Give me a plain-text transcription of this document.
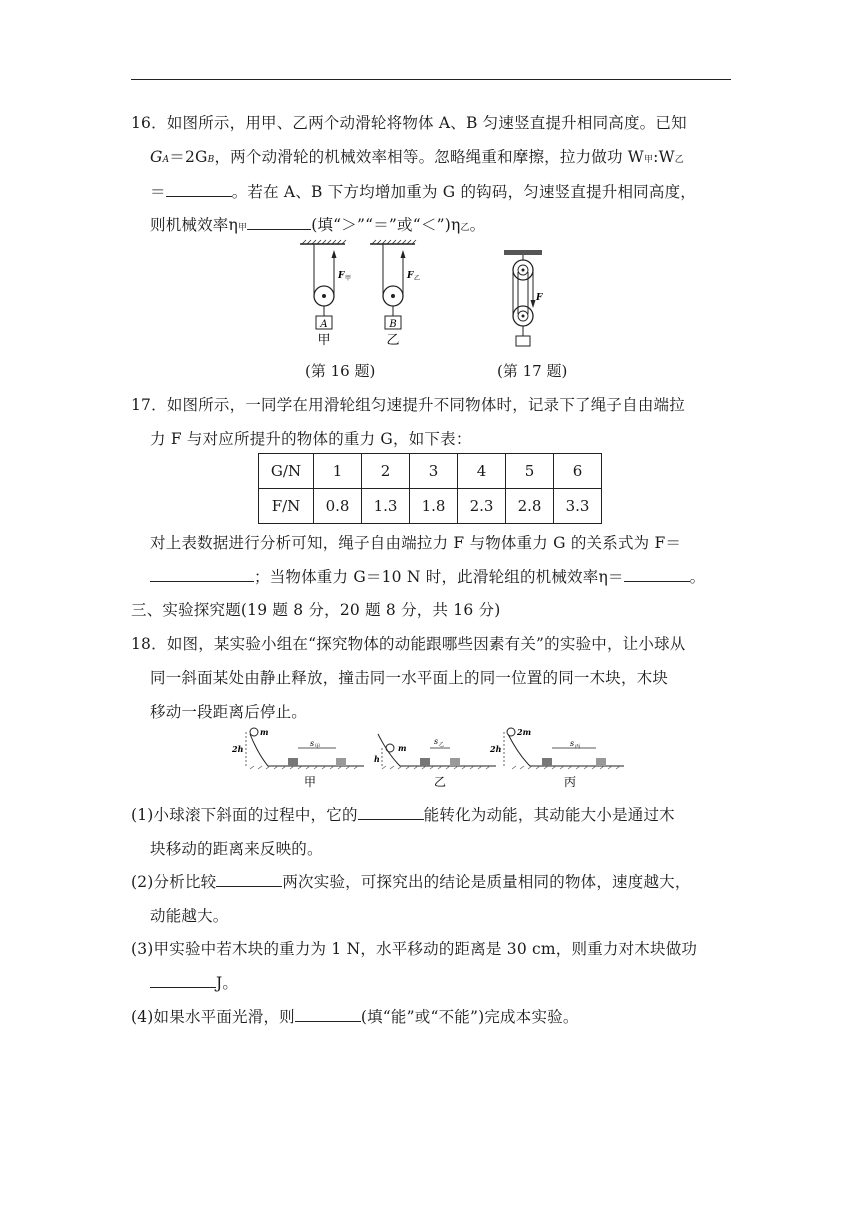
16．如图所示，用甲、乙两个动滑轮将物体 A、B 匀速竖直提升相同高度。已知
GA＝2GB，两个动滑轮的机械效率相等。忽略绳重和摩擦，拉力做功 W甲:W乙
＝	。若在 A、B 下方均增加重为 G 的钩码，匀速竖直提升相同高度，
则机械效率η甲	(填“＞”“＝”或“＜”)η乙。
A
F 甲
甲
B
F 乙
乙
(第 16 题)
F
(第 17 题)
17．如图所示，一同学在用滑轮组匀速提升不同物体时，记录下了绳子自由端拉
力 F 与对应所提升的物体的重力 G，如下表：
G/N	1	2	3	4	5	6
F/N	0.8	1.3	1.8	2.3	2.8	3.3
对上表数据进行分析可知，绳子自由端拉力 F 与物体重力 G 的关系式为 F＝
；当物体重力 G＝10 N 时，此滑轮组的机械效率η＝	。
三、实验探究题(19 题 8 分，20 题 8 分，共 16 分)
18．如图，某实验小组在“探究物体的动能跟哪些因素有关”的实验中，让小球从
同一斜面某处由静止释放，撞击同一水平面上的同一位置的同一木块，木块
移动一段距离后停止。
2h
m
s 甲
甲
h
m
s 乙
乙
2h
2m
s 丙
丙
(1)小球滚下斜面的过程中，它的	能转化为动能，其动能大小是通过木
块移动的距离来反映的。
(2)分析比较	两次实验，可探究出的结论是质量相同的物体，速度越大，
动能越大。
(3)甲实验中若木块的重力为 1 N，水平移动的距离是 30 cm，则重力对木块做功
J。
(4)如果水平面光滑，则	(填“能”或“不能”)完成本实验。
